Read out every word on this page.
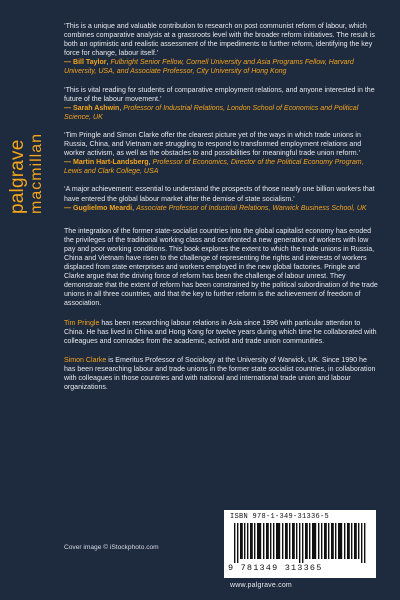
palgrave macmillan
‘This is a unique and valuable contribution to research on post communist reform of labour, which combines comparative analysis at a grassroots level with the broader reform initiatives. The result is both an optimistic and realistic assessment of the impediments to further reform, identifying the key force for change, labour itself.’
— Bill Taylor, Fulbright Senior Fellow, Cornell University and Asia Programs Fellow, Harvard University, USA, and Associate Professor, City University of Hong Kong
‘This is vital reading for students of comparative employment relations, and anyone interested in the future of the labour movement.’
— Sarah Ashwin, Professor of Industrial Relations, London School of Economics and Political Science, UK
‘Tim Pringle and Simon Clarke offer the clearest picture yet of the ways in which trade unions in Russia, China, and Vietnam are struggling to respond to transformed employment relations and worker activism, as well as the obstacles to and possibilities for meaningful trade union reform.’
— Martin Hart-Landsberg, Professor of Economics, Director of the Political Economy Program, Lewis and Clark College, USA
‘A major achievement: essential to understand the prospects of those nearly one billion workers that have entered the global labour market after the demise of state socialism.’
— Guglielmo Meardi, Associate Professor of Industrial Relations, Warwick Business School, UK
The integration of the former state-socialist countries into the global capitalist economy has eroded the privileges of the traditional working class and confronted a new generation of workers with low pay and poor working conditions. This book explores the extent to which the trade unions in Russia, China and Vietnam have risen to the challenge of representing the rights and interests of workers displaced from state enterprises and workers employed in the new global factories. Pringle and Clarke argue that the driving force of reform has been the challenge of labour unrest. They demonstrate that the extent of reform has been constrained by the political subordination of the trade unions in all three countries, and that the key to further reform is the achievement of freedom of association.
Tim Pringle has been researching labour relations in Asia since 1996 with particular attention to China. He has lived in China and Hong Kong for twelve years during which time he collaborated with colleagues and comrades from the academic, activist and trade union communities.
Simon Clarke is Emeritus Professor of Sociology at the University of Warwick, UK. Since 1990 he has been researching labour and trade unions in the former state socialist countries, in collaboration with colleagues in those countries and with national and international trade union and labour organizations.
Cover image © iStockphoto.com
ISBN 978-1-349-31336-5
9 781349 313365
www.palgrave.com
